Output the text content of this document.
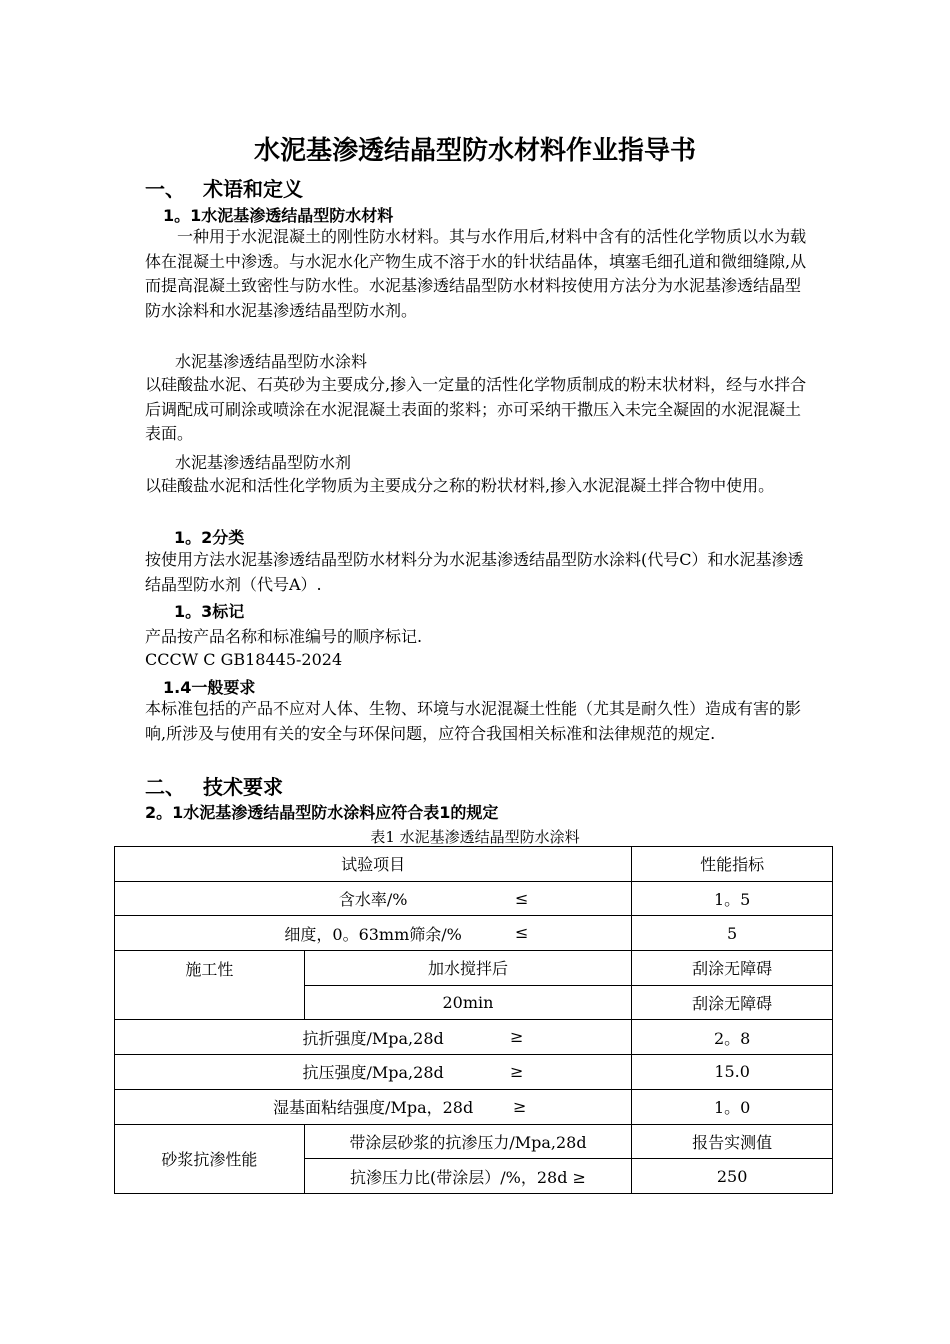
水泥基渗透结晶型防水材料作业指导书
一、 术语和定义
1。1水泥基渗透结晶型防水材料
一种用于水泥混凝土的刚性防水材料。其与水作用后,材料中含有的活性化学物质以水为载体在混凝土中渗透。与水泥水化产物生成不溶于水的针状结晶体，填塞毛细孔道和微细缝隙,从而提高混凝土致密性与防水性。水泥基渗透结晶型防水材料按使用方法分为水泥基渗透结晶型防水涂料和水泥基渗透结晶型防水剂。
水泥基渗透结晶型防水涂料
以硅酸盐水泥、石英砂为主要成分,掺入一定量的活性化学物质制成的粉末状材料，经与水拌合后调配成可刷涂或喷涂在水泥混凝土表面的浆料；亦可采纳干撒压入未完全凝固的水泥混凝土表面。
水泥基渗透结晶型防水剂
以硅酸盐水泥和活性化学物质为主要成分之称的粉状材料,掺入水泥混凝土拌合物中使用。
1。2分类
按使用方法水泥基渗透结晶型防水材料分为水泥基渗透结晶型防水涂料(代号C）和水泥基渗透结晶型防水剂（代号A）.
1。3标记
产品按产品名称和标准编号的顺序标记.
CCCW C GB18445-2024
1.4一般要求
本标准包括的产品不应对人体、生物、环境与水泥混凝土性能（尤其是耐久性）造成有害的影响,所涉及与使用有关的安全与环保问题，应符合我国相关标准和法律规范的规定.
二、 技术要求
2。1水泥基渗透结晶型防水涂料应符合表1的规定
表1 水泥基渗透结晶型防水涂料
试验项目		性能指标
含水率/% ≤		1。5
细度，0。63mm筛余/% ≤		5
施工性	加水搅拌后	刮涂无障碍
	20min	刮涂无障碍
抗折强度/Mpa,28d ≥		2。8
抗压强度/Mpa,28d ≥		15.0
湿基面粘结强度/Mpa，28d ≥		1。0
砂浆抗渗性能	带涂层砂浆的抗渗压力/Mpa,28d	报告实测值
	抗渗压力比(带涂层）/%，28d ≥	250
